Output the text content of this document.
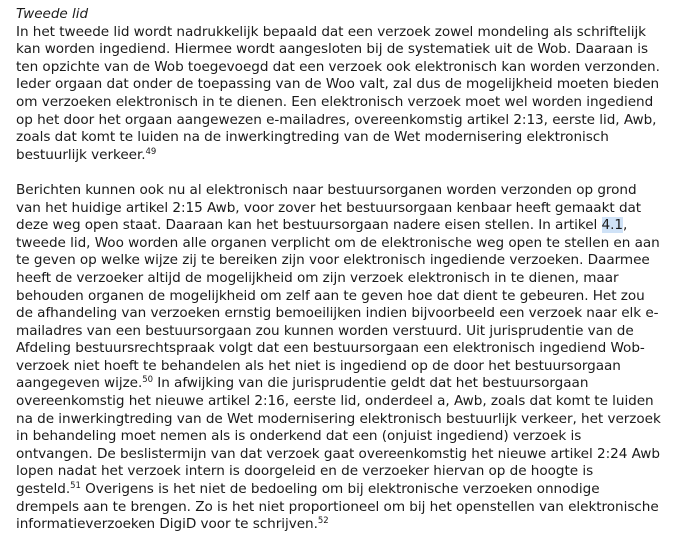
Tweede lid

In het tweede lid wordt nadrukkelijk bepaald dat een verzoek zowel mondeling als schriftelijk kan worden ingediend. Hiermee wordt aangesloten bij de systematiek uit de Wob. Daaraan is ten opzichte van de Wob toegevoegd dat een verzoek ook elektronisch kan worden verzonden. Ieder orgaan dat onder de toepassing van de Woo valt, zal dus de mogelijkheid moeten bieden om verzoeken elektronisch in te dienen. Een elektronisch verzoek moet wel worden ingediend op het door het orgaan aangewezen e-mailadres, overeenkomstig artikel 2:13, eerste lid, Awb, zoals dat komt te luiden na de inwerkingtreding van de Wet modernisering elektronisch bestuurlijk verkeer.$^{49}$

Berichten kunnen ook nu al elektronisch naar bestuursorganen worden verzonden op grond van het huidige artikel 2:15 Awb, voor zover het bestuursorgaan kenbaar heeft gemaakt dat deze weg open staat. Daaraan kan het bestuursorgaan nadere eisen stellen. In artikel 4.1, tweede lid, Woo worden alle organen verplicht om de elektronische weg open te stellen en aan te geven op welke wijze zij te bereiken zijn voor elektronisch ingediende verzoeken. Daarmee heeft de verzoeker altijd de mogelijkheid om zijn verzoek elektronisch in te dienen, maar behouden organen de mogelijkheid om zelf aan te geven hoe dat dient te gebeuren. Het zou de afhandeling van verzoeken ernstig bemoeilijken indien bijvoorbeeld een verzoek naar elk e-mailadres van een bestuursorgaan zou kunnen worden verstuurd. Uit jurisprudentie van de Afdeling bestuursrechtspraak volgt dat een bestuursorgaan een elektronisch ingediend Wob-verzoek niet hoeft te behandelen als het niet is ingediend op de door het bestuursorgaan aangegeven wijze.$^{50}$ In afwijking van die jurisprudentie geldt dat het bestuursorgaan overeenkomstig het nieuwe artikel 2:16, eerste lid, onderdeel a, Awb, zoals dat komt te luiden na de inwerkingtreding van de Wet modernisering elektronisch bestuurlijk verkeer, het verzoek in behandeling moet nemen als is onderkend dat een (onjuist ingediend) verzoek is ontvangen. De beslistermijn van dat verzoek gaat overeenkomstig het nieuwe artikel 2:24 Awb lopen nadat het verzoek intern is doorgeleid en de verzoeker hiervan op de hoogte is gesteld.$^{51}$ Overigens is het niet de bedoeling om bij elektronische verzoeken onnodige drempels aan te brengen. Zo is het niet proportioneel om bij het openstellen van elektronische informatieverzoeken DigiD voor te schrijven.$^{52}$
